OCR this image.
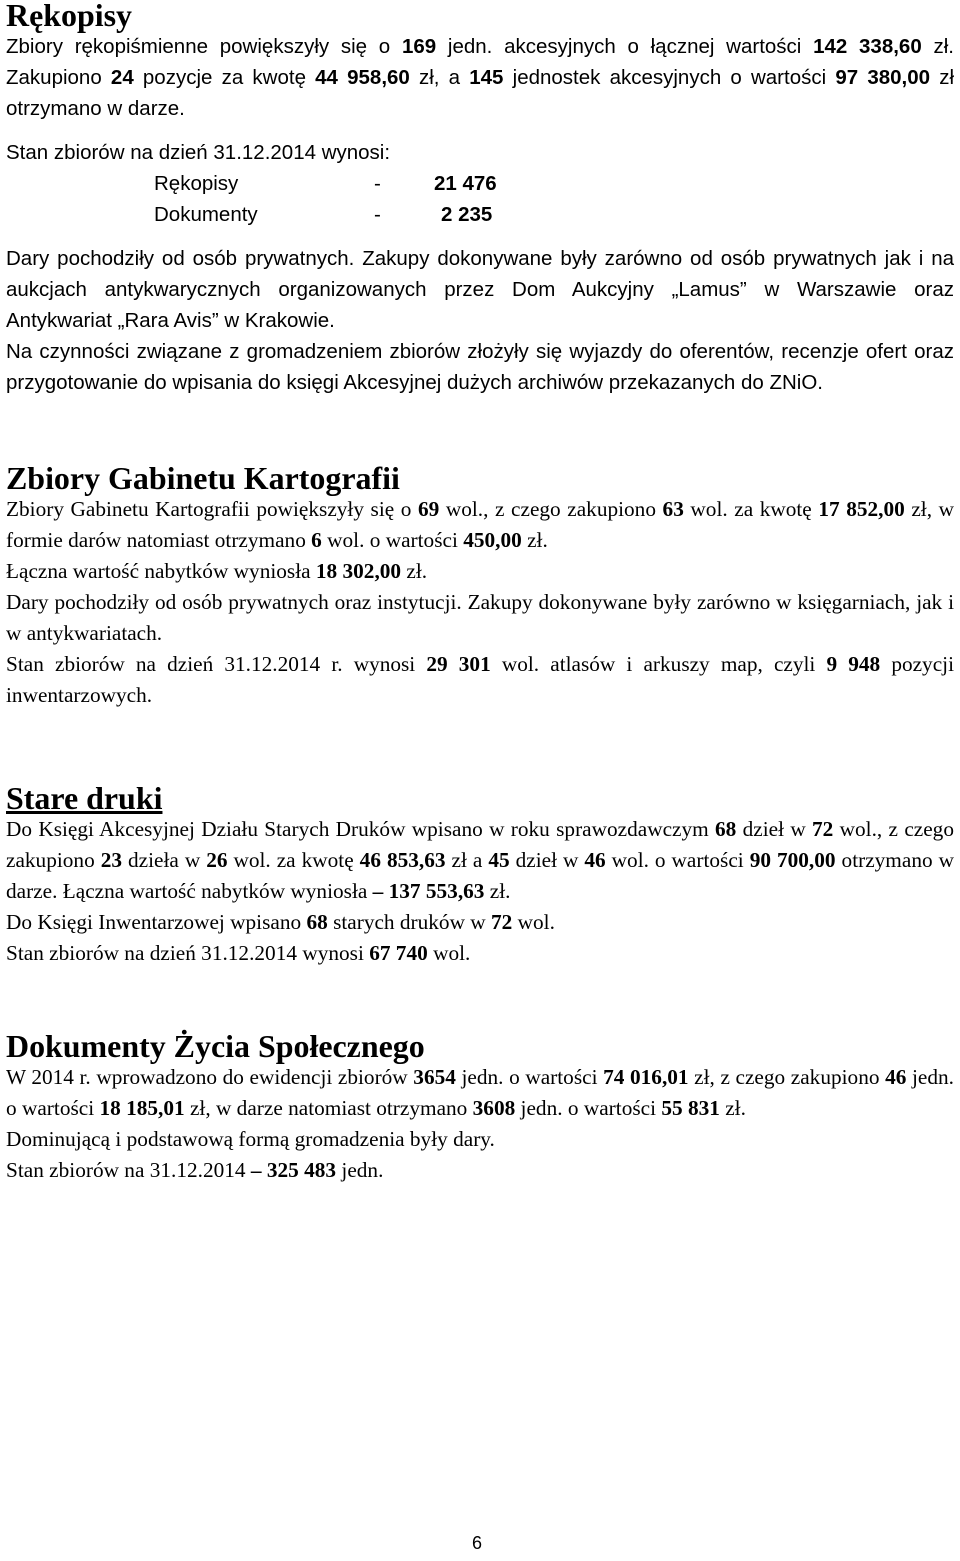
Rękopisy

Zbiory rękopiśmienne powiększyły się o 169 jedn. akcesyjnych o łącznej wartości 142 338,60 zł. Zakupiono 24 pozycje za kwotę 44 958,60 zł, a 145 jednostek akcesyjnych o wartości 97 380,00 zł otrzymano w darze.

Stan zbiorów na dzień 31.12.2014 wynosi:

Rękopisy	-	21 476
Dokumenty	-	2 235

Dary pochodziły od osób prywatnych. Zakupy dokonywane były zarówno od osób prywatnych jak i na aukcjach antykwarycznych organizowanych przez Dom Aukcyjny „Lamus” w Warszawie oraz Antykwariat „Rara Avis” w Krakowie.

Na czynności związane z gromadzeniem zbiorów złożyły się wyjazdy do oferentów, recenzje ofert oraz przygotowanie do wpisania do księgi Akcesyjnej dużych archiwów przekazanych do ZNiO.

Zbiory Gabinetu Kartografii

Zbiory Gabinetu Kartografii powiększyły się o 69 wol., z czego zakupiono 63 wol. za kwotę 17 852,00 zł, w formie darów natomiast otrzymano 6 wol. o wartości 450,00 zł.

Łączna wartość nabytków wyniosła 18 302,00 zł.

Dary pochodziły od osób prywatnych oraz instytucji. Zakupy dokonywane były zarówno w księgarniach, jak i w antykwariatach.

Stan zbiorów na dzień 31.12.2014 r. wynosi 29 301 wol. atlasów i arkuszy map, czyli 9 948 pozycji inwentarzowych.

Stare druki

Do Księgi Akcesyjnej Działu Starych Druków wpisano w roku sprawozdawczym 68 dzieł w 72 wol., z czego zakupiono 23 dzieła w 26 wol. za kwotę 46 853,63 zł a 45 dzieł w 46 wol. o wartości 90 700,00 otrzymano w darze. Łączna wartość nabytków wyniosła – 137 553,63 zł.

Do Księgi Inwentarzowej wpisano 68 starych druków w 72 wol.

Stan zbiorów na dzień 31.12.2014 wynosi 67 740 wol.

Dokumenty Życia Społecznego

W 2014 r. wprowadzono do ewidencji zbiorów 3654 jedn. o wartości 74 016,01 zł, z czego zakupiono 46 jedn. o wartości 18 185,01 zł, w darze natomiast otrzymano 3608 jedn. o wartości 55 831 zł.

Dominującą i podstawową formą gromadzenia były dary.

Stan zbiorów na 31.12.2014 – 325 483 jedn.

6
